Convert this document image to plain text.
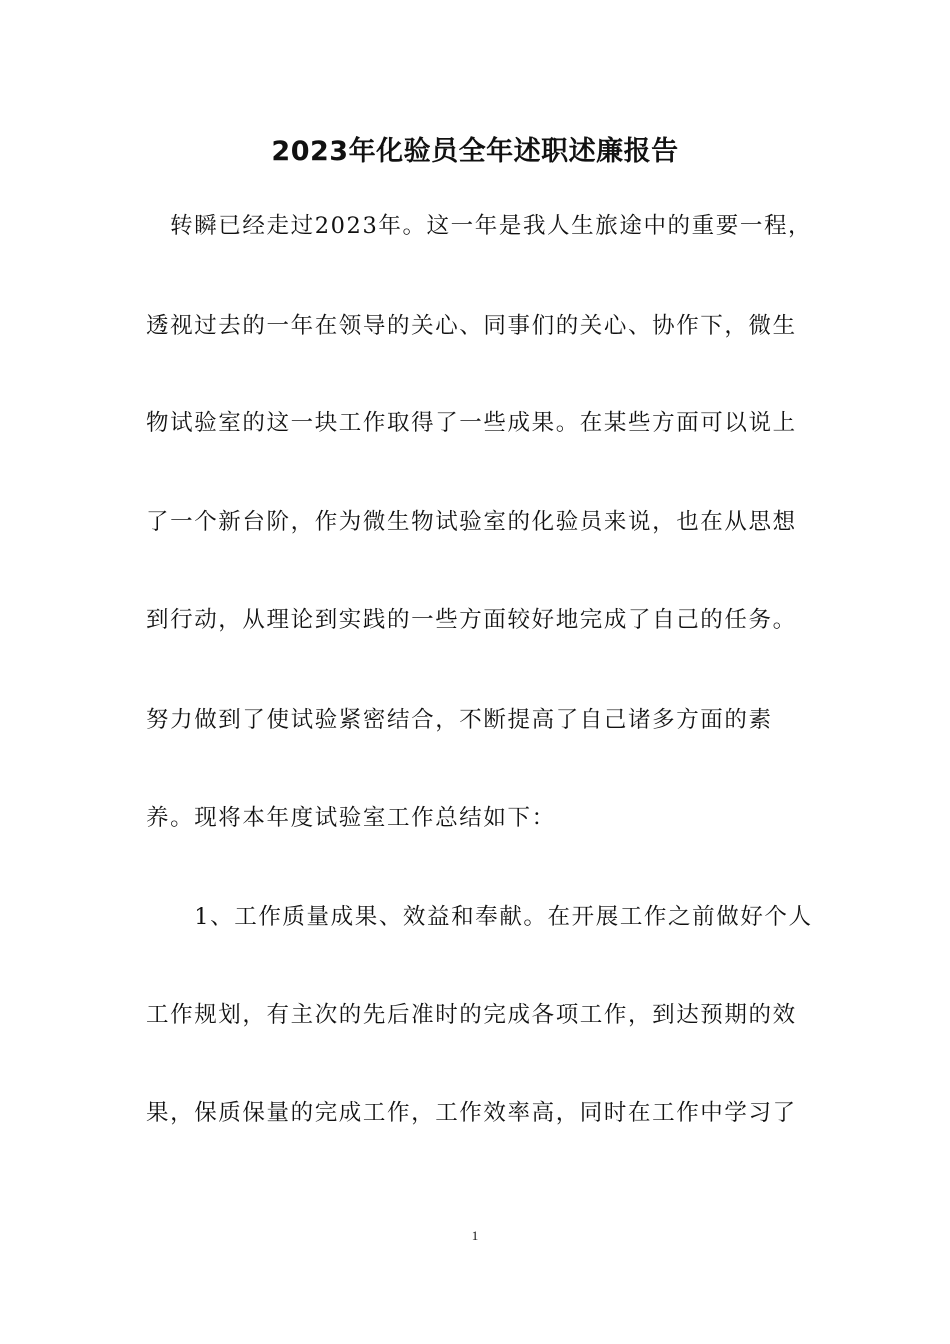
2023年化验员全年述职述廉报告

　转瞬已经走过2023年。这一年是我人生旅途中的重要一程，

透视过去的一年在领导的关心、同事们的关心、协作下，微生

物试验室的这一块工作取得了一些成果。在某些方面可以说上

了一个新台阶，作为微生物试验室的化验员来说，也在从思想

到行动，从理论到实践的一些方面较好地完成了自己的任务。

努力做到了使试验紧密结合，不断提高了自己诸多方面的素

养。现将本年度试验室工作总结如下：

　　1、工作质量成果、效益和奉献。在开展工作之前做好个人

工作规划，有主次的先后准时的完成各项工作，到达预期的效

果，保质保量的完成工作，工作效率高，同时在工作中学习了

1
